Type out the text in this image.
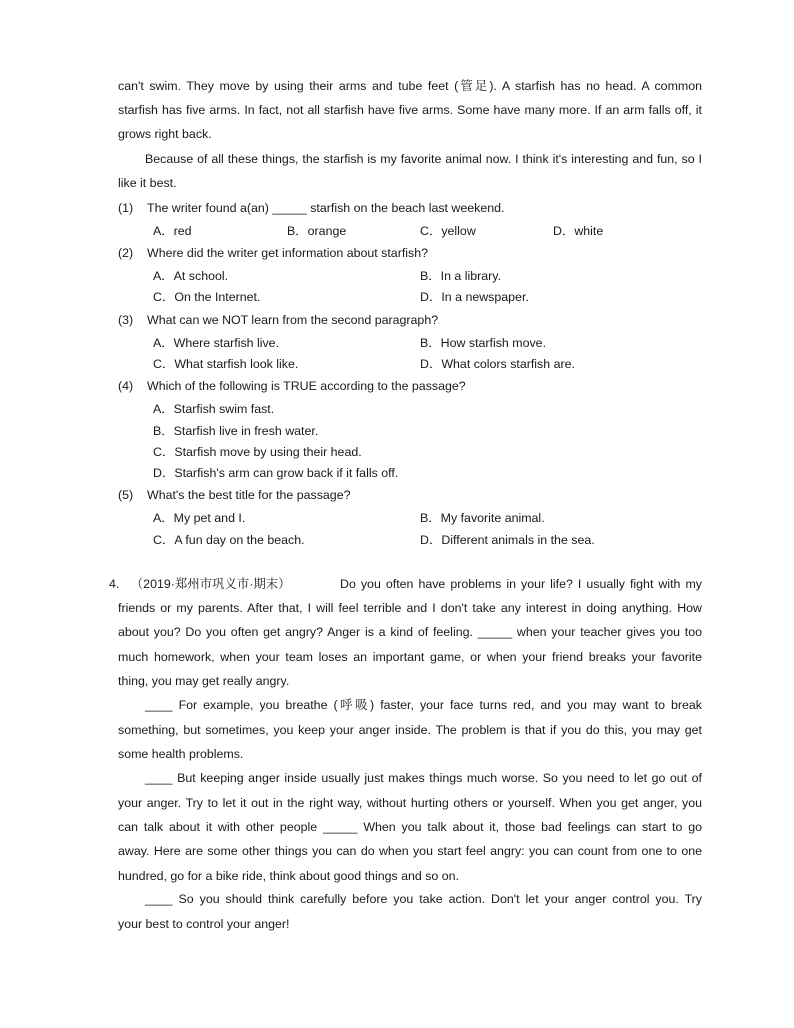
can't swim. They move by using their arms and tube feet (管足). A starfish has no head. A common
starfish has five arms. In fact, not all starfish have five arms. Some have many more. If an arm falls off, it
grows right back.
Because of all these things, the starfish is my favorite animal now. I think it's interesting and fun, so I
like it best.
(1) The writer found a(an) _____ starfish on the beach last weekend.
A．red	B．orange	C．yellow	D．white
(2) Where did the writer get information about starfish?
A．At school.	B．In a library.
C．On the Internet.	D．In a newspaper.
(3) What can we NOT learn from the second paragraph?
A．Where starfish live.	B．How starfish move.
C．What starfish look like.	D．What colors starfish are.
(4) Which of the following is TRUE according to the passage?
A．Starfish swim fast.
B．Starfish live in fresh water.
C．Starfish move by using their head.
D．Starfish's arm can grow back if it falls off.
(5) What's the best title for the passage?
A．My pet and I.	B．My favorite animal.
C．A fun day on the beach.	D．Different animals in the sea.
4. （2019·郑州市巩义市·期末）	Do you often have problems in your life? I usually fight with my
friends or my parents. After that, I will feel terrible and I don't take any interest in doing anything. How
about you? Do you often get angry? Anger is a kind of feeling. _____ when your teacher gives you too
much homework, when your team loses an important game, or when your friend breaks your favorite
thing, you may get really angry.
____ For example, you breathe (呼吸) faster, your face turns red, and you may want to break
something, but sometimes, you keep your anger inside. The problem is that if you do this, you may get
some health problems.
____ But keeping anger inside usually just makes things much worse. So you need to let go out of
your anger. Try to let it out in the right way, without hurting others or yourself. When you get anger, you
can talk about it with other people _____ When you talk about it, those bad feelings can start to go
away. Here are some other things you can do when you start feel angry: you can count from one to one
hundred, go for a bike ride, think about good things and so on.
____ So you should think carefully before you take action. Don't let your anger control you. Try
your best to control your anger!
